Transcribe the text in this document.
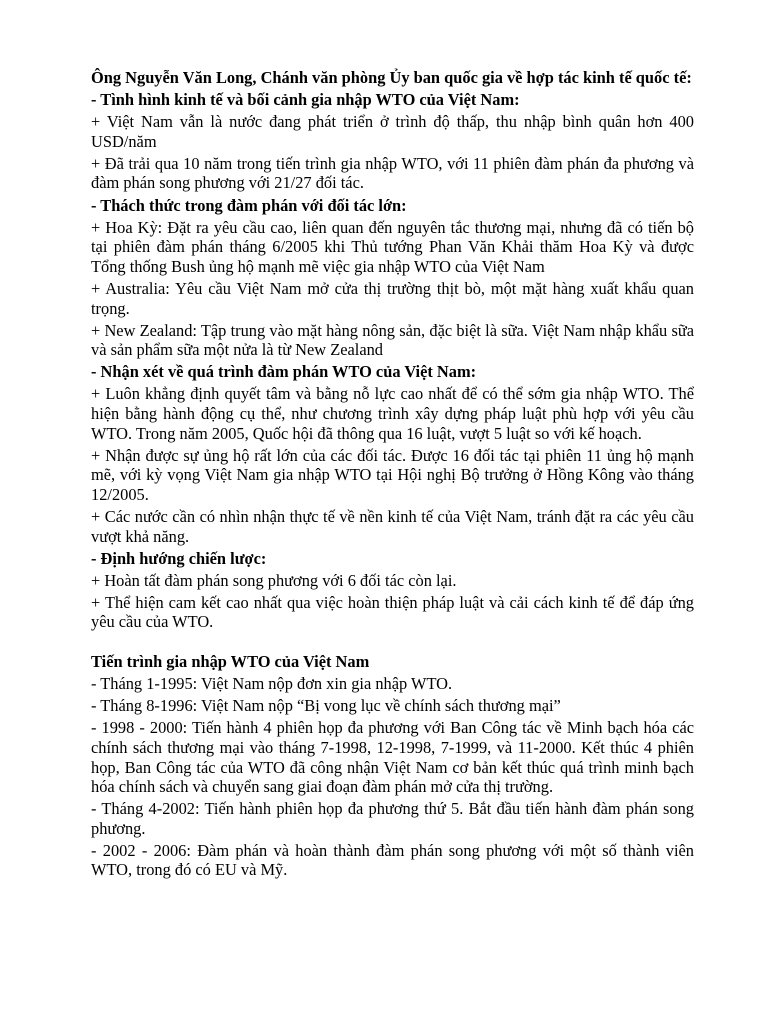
Ông Nguyễn Văn Long, Chánh văn phòng Ủy ban quốc gia về hợp tác kinh tế quốc tế:

- Tình hình kinh tế và bối cảnh gia nhập WTO của Việt Nam:

+ Việt Nam vẫn là nước đang phát triển ở trình độ thấp, thu nhập bình quân hơn 400 USD/năm

+ Đã trải qua 10 năm trong tiến trình gia nhập WTO, với 11 phiên đàm phán đa phương và đàm phán song phương với 21/27 đối tác.

- Thách thức trong đàm phán với đối tác lớn:

+ Hoa Kỳ: Đặt ra yêu cầu cao, liên quan đến nguyên tắc thương mại, nhưng đã có tiến bộ tại phiên đàm phán tháng 6/2005 khi Thủ tướng Phan Văn Khải thăm Hoa Kỳ và được Tổng thống Bush ủng hộ mạnh mẽ việc gia nhập WTO của Việt Nam

+ Australia: Yêu cầu Việt Nam mở cửa thị trường thịt bò, một mặt hàng xuất khẩu quan trọng.

+ New Zealand: Tập trung vào mặt hàng nông sản, đặc biệt là sữa. Việt Nam nhập khẩu sữa và sản phẩm sữa một nửa là từ New Zealand

- Nhận xét về quá trình đàm phán WTO của Việt Nam:

+ Luôn khẳng định quyết tâm và bằng nỗ lực cao nhất để có thể sớm gia nhập WTO. Thể hiện bằng hành động cụ thể, như chương trình xây dựng pháp luật phù hợp với yêu cầu WTO. Trong năm 2005, Quốc hội đã thông qua 16 luật, vượt 5 luật so với kế hoạch.

+ Nhận được sự ủng hộ rất lớn của các đối tác. Được 16 đối tác tại phiên 11 ủng hộ mạnh mẽ, với kỳ vọng Việt Nam gia nhập WTO tại Hội nghị Bộ trưởng ở Hồng Kông vào tháng 12/2005.

+ Các nước cần có nhìn nhận thực tế về nền kinh tế của Việt Nam, tránh đặt ra các yêu cầu vượt khả năng.

- Định hướng chiến lược:

+ Hoàn tất đàm phán song phương với 6 đối tác còn lại.

+ Thể hiện cam kết cao nhất qua việc hoàn thiện pháp luật và cải cách kinh tế để đáp ứng yêu cầu của WTO.

Tiến trình gia nhập WTO của Việt Nam

- Tháng 1-1995: Việt Nam nộp đơn xin gia nhập WTO.

- Tháng 8-1996: Việt Nam nộp “Bị vong lục về chính sách thương mại”

- 1998 - 2000: Tiến hành 4 phiên họp đa phương với Ban Công tác về Minh bạch hóa các chính sách thương mại vào tháng 7-1998, 12-1998, 7-1999, và 11-2000. Kết thúc 4 phiên họp, Ban Công tác của WTO đã công nhận Việt Nam cơ bản kết thúc quá trình minh bạch hóa chính sách và chuyển sang giai đoạn đàm phán mở cửa thị trường.

- Tháng 4-2002: Tiến hành phiên họp đa phương thứ 5. Bắt đầu tiến hành đàm phán song phương.

- 2002 - 2006: Đàm phán và hoàn thành đàm phán song phương với một số thành viên WTO, trong đó có EU và Mỹ.
